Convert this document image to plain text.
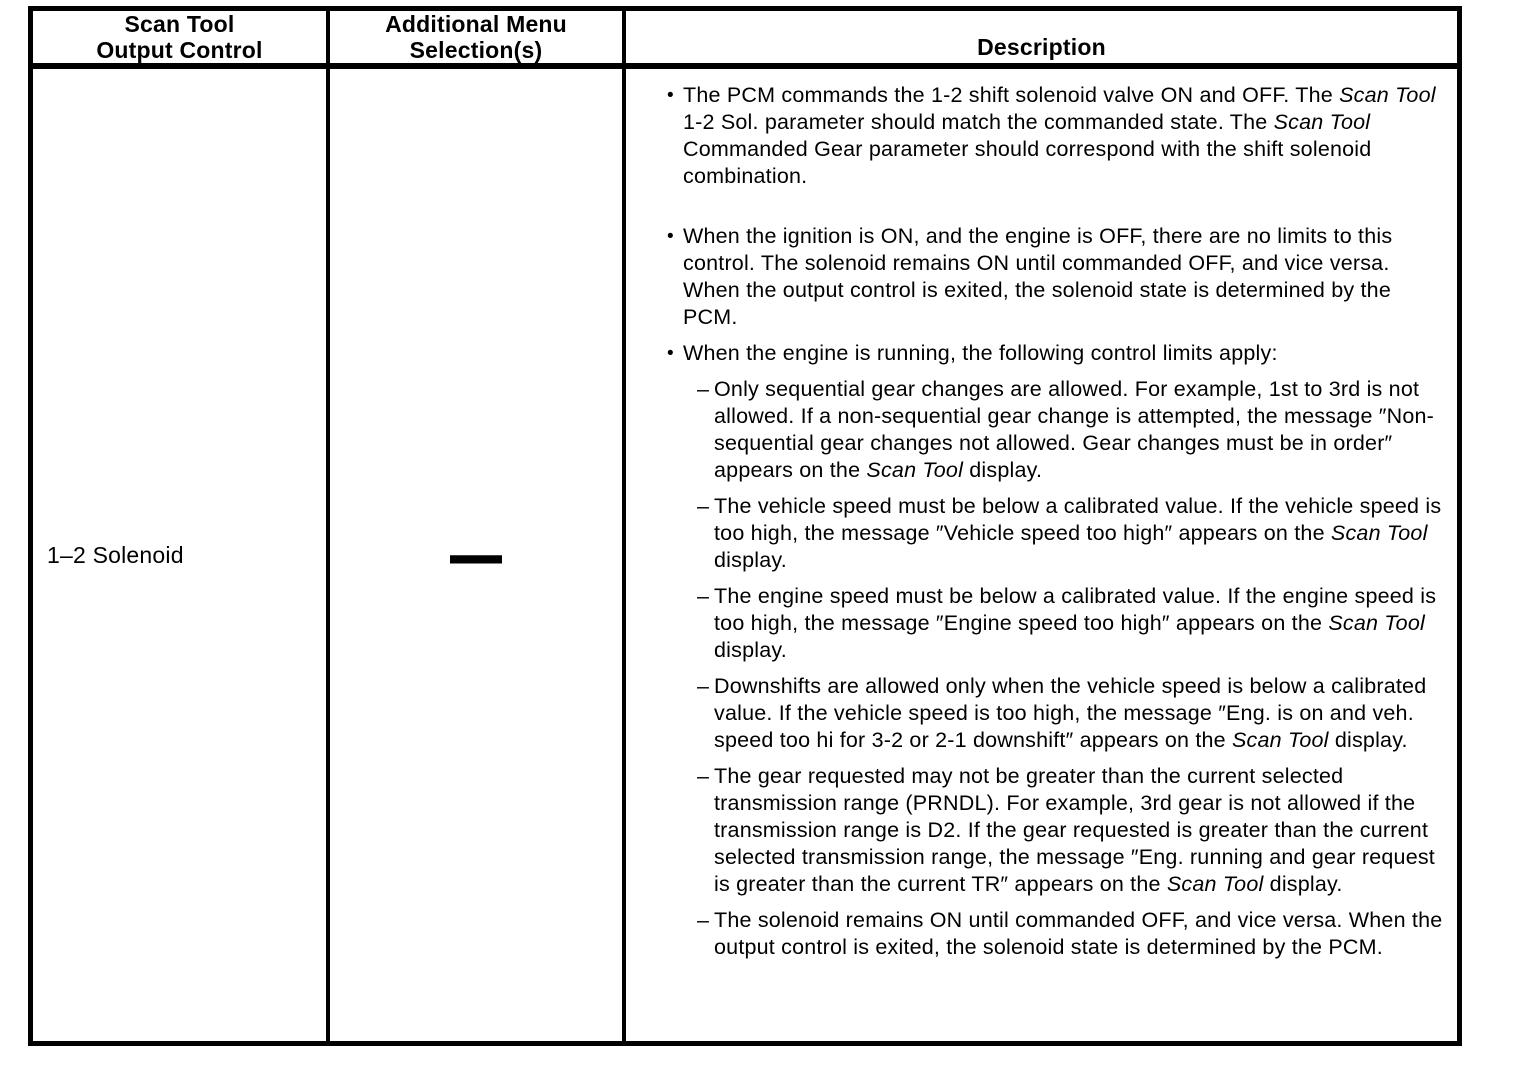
Scan Tool
Output Control
Additional Menu
Selection(s)	Description
1–2 Solenoid	—
• The PCM commands the 1-2 shift solenoid valve ON and OFF. The Scan Tool 1-2 Sol. parameter should match the commanded state. The Scan Tool Commanded Gear parameter should correspond with the shift solenoid combination.
• When the ignition is ON, and the engine is OFF, there are no limits to this control. The solenoid remains ON until commanded OFF, and vice versa. When the output control is exited, the solenoid state is determined by the PCM.
• When the engine is running, the following control limits apply:
– Only sequential gear changes are allowed. For example, 1st to 3rd is not allowed. If a non-sequential gear change is attempted, the message ″Non-sequential gear changes not allowed. Gear changes must be in order″ appears on the Scan Tool display.
– The vehicle speed must be below a calibrated value. If the vehicle speed is too high, the message ″Vehicle speed too high″ appears on the Scan Tool display.
– The engine speed must be below a calibrated value. If the engine speed is too high, the message ″Engine speed too high″ appears on the Scan Tool display.
– Downshifts are allowed only when the vehicle speed is below a calibrated value. If the vehicle speed is too high, the message ″Eng. is on and veh. speed too hi for 3-2 or 2-1 downshift″ appears on the Scan Tool display.
– The gear requested may not be greater than the current selected transmission range (PRNDL). For example, 3rd gear is not allowed if the transmission range is D2. If the gear requested is greater than the current selected transmission range, the message ″Eng. running and gear request is greater than the current TR″ appears on the Scan Tool display.
– The solenoid remains ON until commanded OFF, and vice versa. When the output control is exited, the solenoid state is determined by the PCM.
